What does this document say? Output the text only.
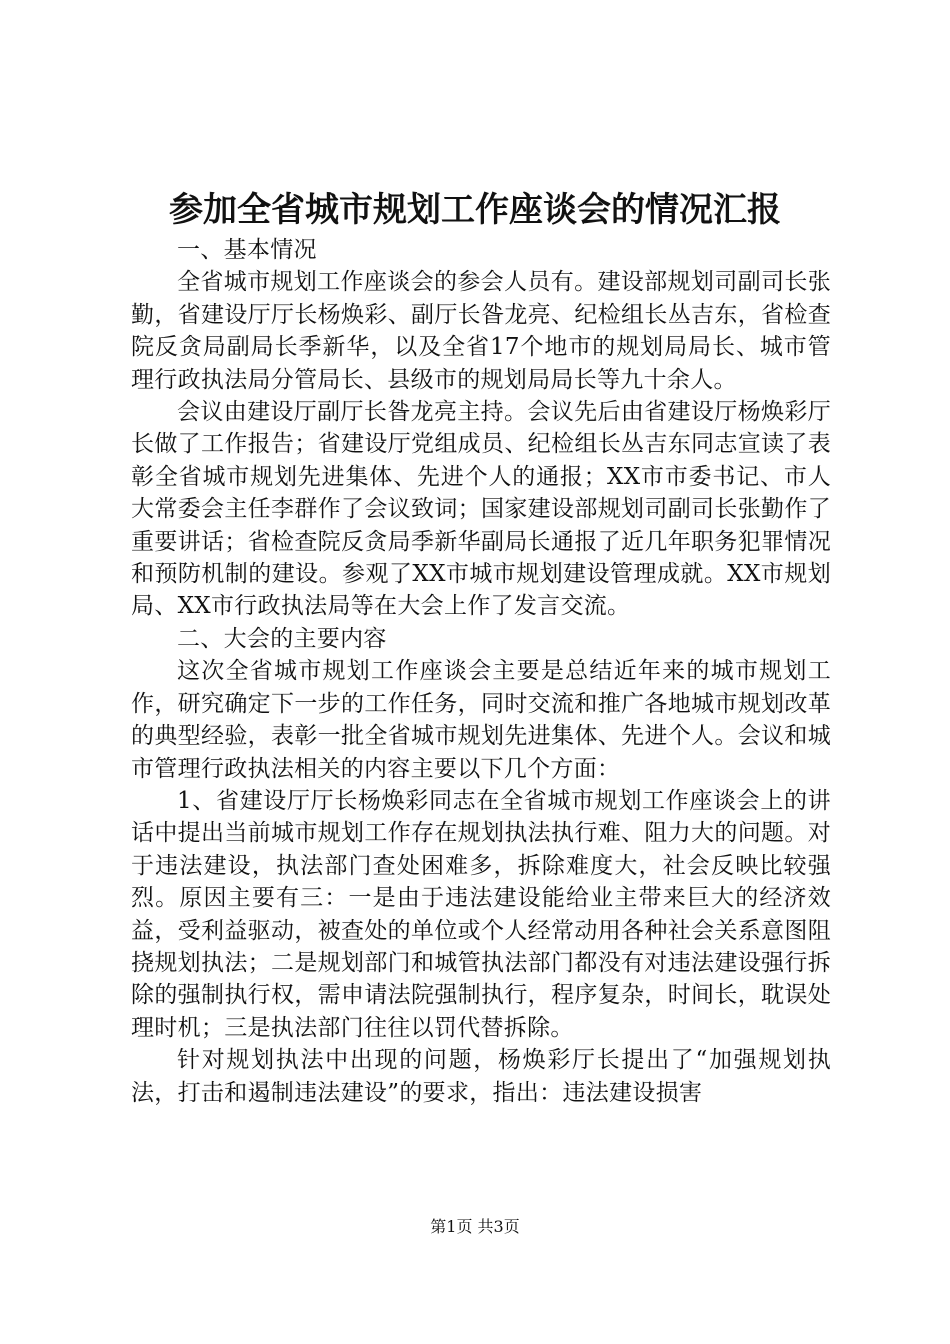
参加全省城市规划工作座谈会的情况汇报

一、基本情况

全省城市规划工作座谈会的参会人员有。建设部规划司副司长张勤，省建设厅厅长杨焕彩、副厅长昝龙亮、纪检组长丛吉东，省检查院反贪局副局长季新华，以及全省17个地市的规划局局长、城市管理行政执法局分管局长、县级市的规划局局长等九十余人。

会议由建设厅副厅长昝龙亮主持。会议先后由省建设厅杨焕彩厅长做了工作报告；省建设厅党组成员、纪检组长丛吉东同志宣读了表彰全省城市规划先进集体、先进个人的通报；XX市市委书记、市人大常委会主任李群作了会议致词；国家建设部规划司副司长张勤作了重要讲话；省检查院反贪局季新华副局长通报了近几年职务犯罪情况和预防机制的建设。参观了XX市城市规划建设管理成就。XX市规划局、XX市行政执法局等在大会上作了发言交流。

二、大会的主要内容

这次全省城市规划工作座谈会主要是总结近年来的城市规划工作，研究确定下一步的工作任务，同时交流和推广各地城市规划改革的典型经验，表彰一批全省城市规划先进集体、先进个人。会议和城市管理行政执法相关的内容主要以下几个方面：

1、省建设厅厅长杨焕彩同志在全省城市规划工作座谈会上的讲话中提出当前城市规划工作存在规划执法执行难、阻力大的问题。对于违法建设，执法部门查处困难多，拆除难度大，社会反映比较强烈。原因主要有三：一是由于违法建设能给业主带来巨大的经济效益，受利益驱动，被查处的单位或个人经常动用各种社会关系意图阻挠规划执法；二是规划部门和城管执法部门都没有对违法建设强行拆除的强制执行权，需申请法院强制执行，程序复杂，时间长，耽误处理时机；三是执法部门往往以罚代替拆除。

针对规划执法中出现的问题，杨焕彩厅长提出了“加强规划执法，打击和遏制违法建设”的要求，指出：违法建设损害

第1页 共3页
